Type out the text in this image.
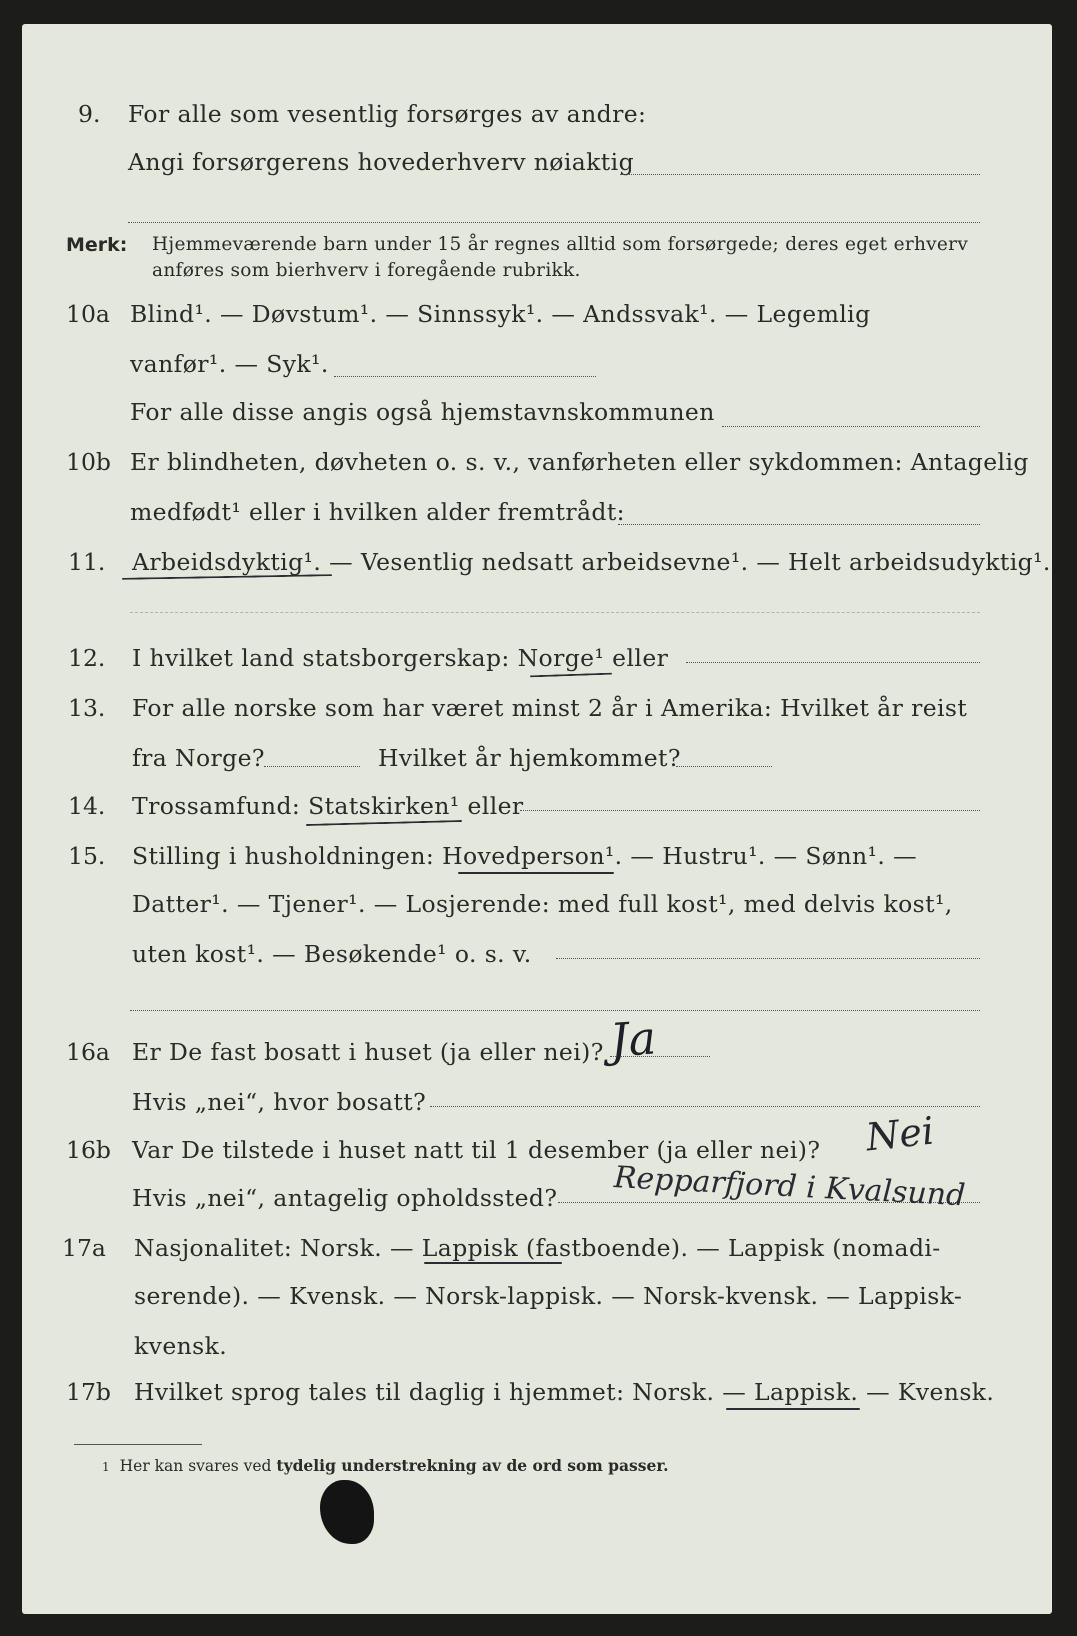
9. For alle som vesentlig forsørges av andre:
Angi forsørgerens hovederhverv nøiaktig
Merk: Hjemmeværende barn under 15 år regnes alltid som forsørgede; deres eget erhverv
anføres som bierhverv i foregående rubrikk.
10a Blind¹. — Døvstum¹. — Sinnssyk¹. — Andssvak¹. — Legemlig
vanfør¹. — Syk¹.
For alle disse angis også hjemstavnskommunen
10b Er blindheten, døvheten o. s. v., vanførheten eller sykdommen: Antagelig
medfødt¹ eller i hvilken alder fremtrådt:
11. Arbeidsdyktig¹. — Vesentlig nedsatt arbeidsevne¹. — Helt arbeidsudyktig¹.
12. I hvilket land statsborgerskap: Norge¹ eller
13. For alle norske som har været minst 2 år i Amerika: Hvilket år reist
fra Norge?	Hvilket år hjemkommet?
14. Trossamfund: Statskirken¹ eller
15. Stilling i husholdningen: Hovedperson¹. — Hustru¹. — Sønn¹. —
Datter¹. — Tjener¹. — Losjerende: med full kost¹, med delvis kost¹,
uten kost¹. — Besøkende¹ o. s. v.
16a Er De fast bosatt i huset (ja eller nei)? Ja
Hvis „nei“, hvor bosatt?
16b Var De tilstede i huset natt til 1 desember (ja eller nei)? Nei
Hvis „nei“, antagelig opholdssted? Repparfjord i Kvalsund
17a Nasjonalitet: Norsk. — Lappisk (fastboende). — Lappisk (nomadi-
serende). — Kvensk. — Norsk-lappisk. — Norsk-kvensk. — Lappisk-
kvensk.
17b Hvilket sprog tales til daglig i hjemmet: Norsk. — Lappisk. — Kvensk.
1 Her kan svares ved tydelig understrekning av de ord som passer.
